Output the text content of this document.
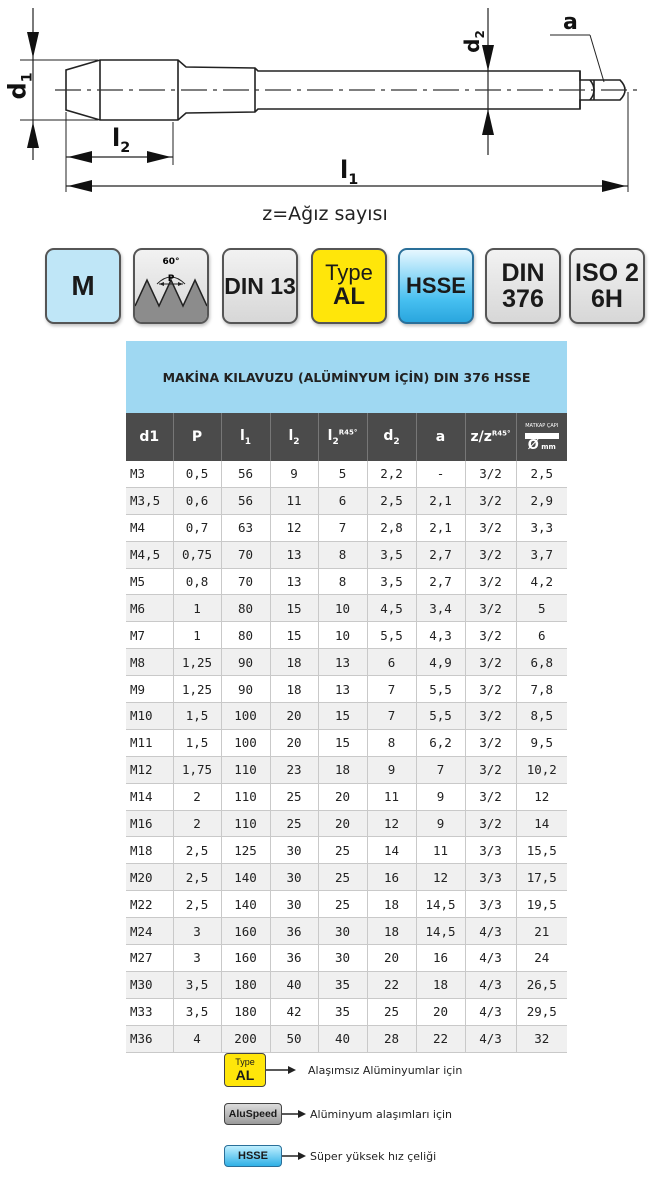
$d_1$
$d_2$
$l_2$
$l_1$
a
z=Ağız sayısı
M
60°
P DIN 13
Type
AL HSSE DIN
376
ISO 2
6H
MAKİNA KILAVUZU (ALÜMİNYUM İÇİN) DIN 376 HSSE
d1	P	$l_1$	$l_2$	$l_2^{R45^\circ}$	$d_2$	a	$z/z^{R45^\circ}$	MATKAP ÇAPI
Ø mm

M3	0,5	56	9	5	2,2	-	3/2	2,5
M3,5	0,6	56	11	6	2,5	2,1	3/2	2,9
M4	0,7	63	12	7	2,8	2,1	3/2	3,3
M4,5	0,75	70	13	8	3,5	2,7	3/2	3,7
M5	0,8	70	13	8	3,5	2,7	3/2	4,2
M6	1	80	15	10	4,5	3,4	3/2	5
M7	1	80	15	10	5,5	4,3	3/2	6
M8	1,25	90	18	13	6	4,9	3/2	6,8
M9	1,25	90	18	13	7	5,5	3/2	7,8
M10	1,5	100	20	15	7	5,5	3/2	8,5
M11	1,5	100	20	15	8	6,2	3/2	9,5
M12	1,75	110	23	18	9	7	3/2	10,2
M14	2	110	25	20	11	9	3/2	12
M16	2	110	25	20	12	9	3/2	14
M18	2,5	125	30	25	14	11	3/3	15,5
M20	2,5	140	30	25	16	12	3/3	17,5
M22	2,5	140	30	25	18	14,5	3/3	19,5
M24	3	160	36	30	18	14,5	4/3	21
M27	3	160	36	30	20	16	4/3	24
M30	3,5	180	40	35	22	18	4/3	26,5
M33	3,5	180	42	35	25	20	4/3	29,5
M36	4	200	50	40	28	22	4/3	32
Type
AL	Alaşımsız Alüminyumlar için
AluSpeed	Alüminyum alaşımları için
HSSE	Süper yüksek hız çeliği
